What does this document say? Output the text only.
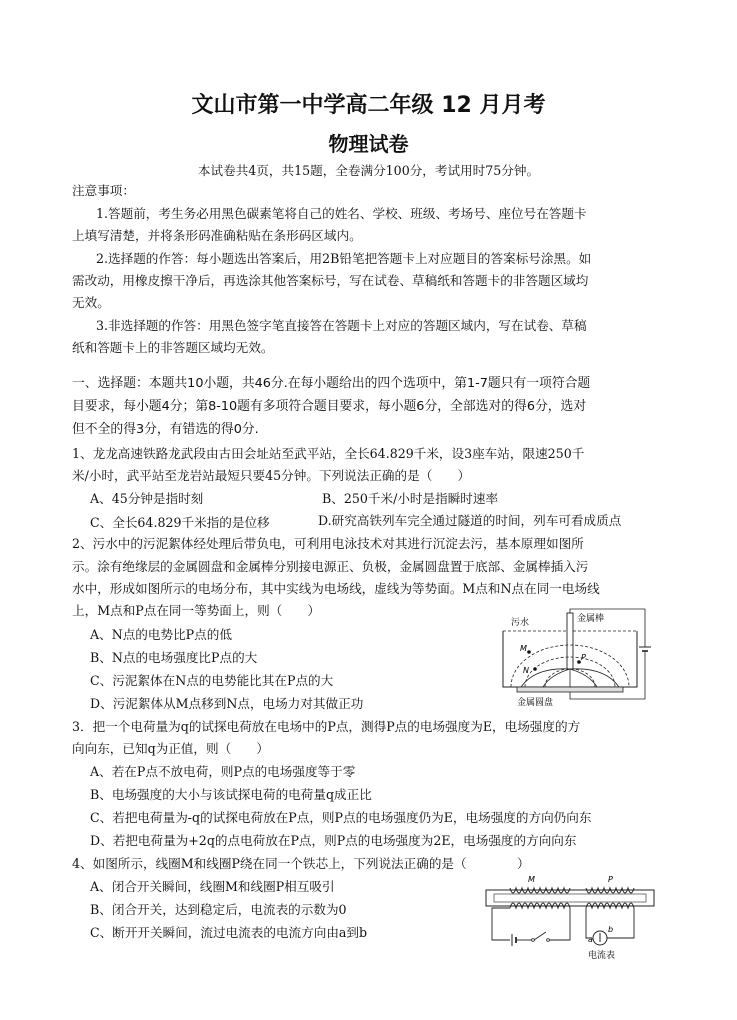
文山市第一中学高二年级 12 月月考
物理试卷
本试卷共4页，共15题，全卷满分100分，考试用时75分钟。
注意事项：
1.答题前，考生务必用黑色碳素笔将自己的姓名、学校、班级、考场号、座位号在答题卡
上填写清楚，并将条形码准确粘贴在条形码区域内。
2.选择题的作答：每小题选出答案后，用2B铅笔把答题卡上对应题目的答案标号涂黑。如
需改动，用橡皮擦干净后，再选涂其他答案标号，写在试卷、草稿纸和答题卡的非答题区域均
无效。
3.非选择题的作答：用黑色签字笔直接答在答题卡上对应的答题区域内，写在试卷、草稿
纸和答题卡上的非答题区域均无效。
一、选择题：本题共10小题，共46分.在每小题给出的四个选项中，第1-7题只有一项符合题
目要求，每小题4分；第8-10题有多项符合题目要求，每小题6分，全部选对的得6分，选对
但不全的得3分，有错选的得0分.
1、龙龙高速铁路龙武段由古田会址站至武平站，全长64.829千米，设3座车站，限速250千
米/小时，武平站至龙岩站最短只要45分钟。下列说法正确的是（　　）
A、45分钟是指时刻	B、250千米/小时是指瞬时速率
C、全长64.829千米指的是位移	D.研究高铁列车完全通过隧道的时间，列车可看成质点
2、污水中的污泥絮体经处理后带负电，可利用电泳技术对其进行沉淀去污，基本原理如图所
示。涂有绝缘层的金属圆盘和金属棒分别接电源正、负极，金属圆盘置于底部、金属棒插入污
水中，形成如图所示的电场分布，其中实线为电场线，虚线为等势面。M点和N点在同一电场线
上，M点和P点在同一等势面上，则（　　）
A、N点的电势比P点的低
B、N点的电场强度比P点的大
C、污泥絮体在N点的电势能比其在P点的大
D、污泥絮体从M点移到N点，电场力对其做正功
污水	金属棒
M
N
P
金属圆盘
3．把一个电荷量为q的试探电荷放在电场中的P点，测得P点的电场强度为E，电场强度的方
向向东，已知q为正值，则（　　）
A、若在P点不放电荷，则P点的电场强度等于零
B、电场强度的大小与该试探电荷的电荷量q成正比
C、若把电荷量为-q的试探电荷放在P点，则P点的电场强度仍为E，电场强度的方向仍向东
D、若把电荷量为+2q的点电荷放在P点，则P点的电场强度为2E，电场强度的方向向东
4、如图所示，线圈M和线圈P绕在同一个铁芯上，下列说法正确的是（　　　　）
A、闭合开关瞬间，线圈M和线圈P相互吸引
B、闭合开关，达到稳定后，电流表的示数为0
C、断开开关瞬间，流过电流表的电流方向由a到b
M	P
a
b
电流表
